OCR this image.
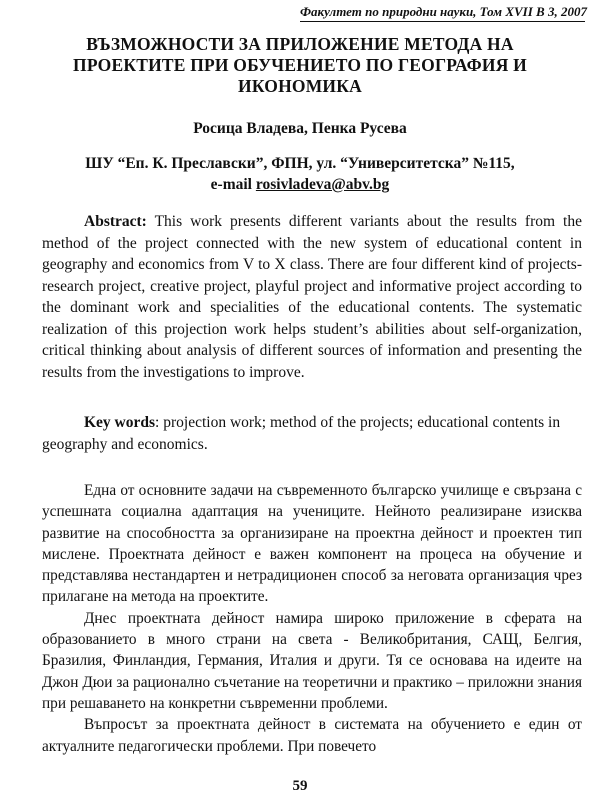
Факултет по природни науки, Том XVII В 3, 2007
ВЪЗМОЖНОСТИ ЗА ПРИЛОЖЕНИЕ МЕТОДА НА
ПРОЕКТИТЕ ПРИ ОБУЧЕНИЕТО ПО ГЕОГРАФИЯ И
ИКОНОМИКА
Росица Владева, Пенка Русева
ШУ “Еп. К. Преславски”, ФПН, ул. “Университетска” №115,
e-mail rosivladeva@abv.bg
Abstract: This work presents different variants about the results from the method of the project connected with the new system of educational content in geography and economics from V to X class. There are four different kind of projects-research project, creative project, playful project and informative project according to the dominant work and specialities of the educational contents. The systematic realization of this projection work helps student’s abilities about self-organization, critical thinking about analysis of different sources of information and presenting the results from the investigations to improve.
Key words: projection work; method of the projects; educational contents in geography and economics.

Една от основните задачи на съвременното българско училище е свързана с успешната социална адаптация на учениците. Нейното реализиране изисква развитие на способността за организиране на проектна дейност и проектен тип мислене. Проектната дейност е важен компонент на процеса на обучение и представлява нестандартен и нетрадиционен способ за неговата организация чрез прилагане на метода на проектите.

Днес проектната дейност намира широко приложение в сферата на образованието в много страни на света - Великобритания, САЩ, Белгия, Бразилия, Финландия, Германия, Италия и други. Тя се основава на идеите на Джон Дюи за рационално съчетание на теоретични и практико – приложни знания при решаването на конкретни съвременни проблеми.

Въпросът за проектната дейност в системата на обучението е един от актуалните педагогически проблеми. При повечето

59
